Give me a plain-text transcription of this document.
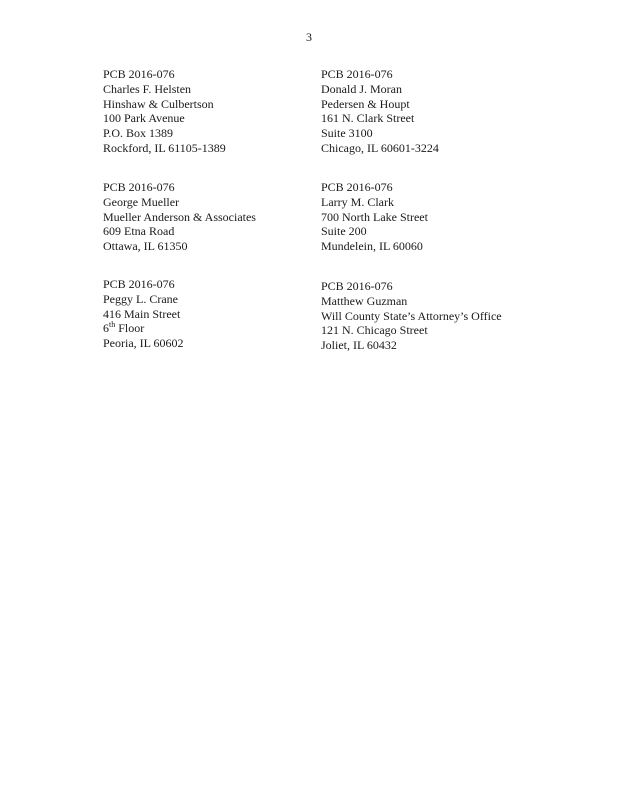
3
PCB 2016-076
Charles F. Helsten
Hinshaw & Culbertson
100 Park Avenue
P.O. Box 1389
Rockford, IL 61105-1389
PCB 2016-076
Donald J. Moran
Pedersen & Houpt
161 N. Clark Street
Suite 3100
Chicago, IL 60601-3224
PCB 2016-076
George Mueller
Mueller Anderson & Associates
609 Etna Road
Ottawa, IL 61350
PCB 2016-076
Larry M. Clark
700 North Lake Street
Suite 200
Mundelein, IL 60060
PCB 2016-076
Peggy L. Crane
416 Main Street
6th Floor
Peoria, IL 60602
PCB 2016-076
Matthew Guzman
Will County State’s Attorney’s Office
121 N. Chicago Street
Joliet, IL 60432
